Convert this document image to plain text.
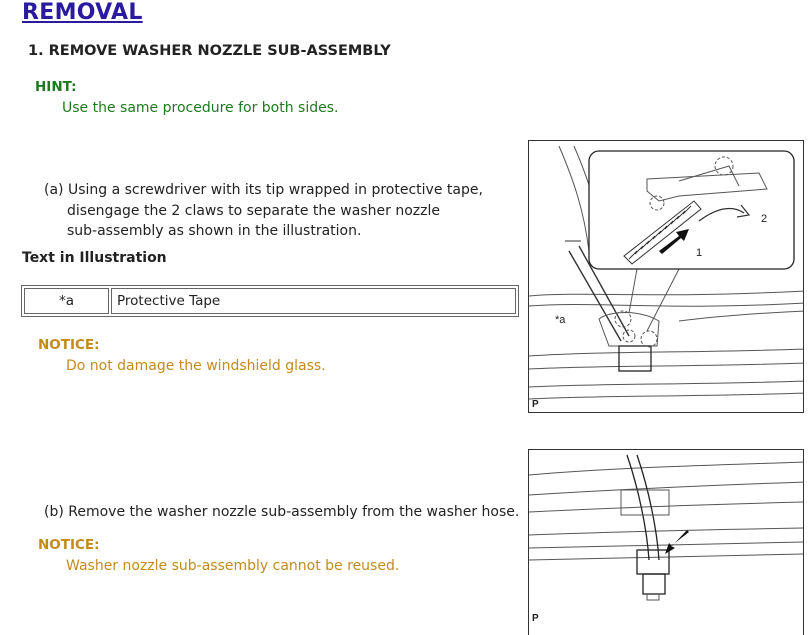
REMOVAL
1. REMOVE WASHER NOZZLE SUB-ASSEMBLY
HINT:
Use the same procedure for both sides.
(a) Using a screwdriver with its tip wrapped in protective tape,
disengage the 2 claws to separate the washer nozzle
sub-assembly as shown in the illustration.
Text in Illustration
*a	Protective Tape
NOTICE:
Do not damage the windshield glass.
(b) Remove the washer nozzle sub-assembly from the washer hose.
NOTICE:
Washer nozzle sub-assembly cannot be reused.
*a
1
2
P
P
